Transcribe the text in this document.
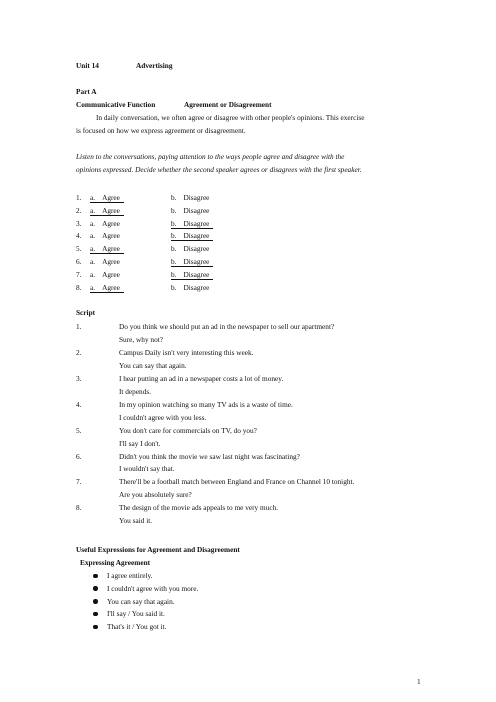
Unit 14	Advertising
Part A
Communicative Function	Agreement or Disagreement
In daily conversation, we often agree or disagree with other people's opinions. This exercise
is focused on how we express agreement or disagreement.
Listen to the conversations, paying attention to the ways people agree and disagree with the
opinions expressed. Decide whether the second speaker agrees or disagrees with the first speaker.
1. a. Agree	b. Disagree
2. a. Agree	b. Disagree
3. a. Agree	b. Disagree
4. a. Agree	b. Disagree
5. a. Agree	b. Disagree
6. a. Agree	b. Disagree
7. a. Agree	b. Disagree
8. a. Agree	b. Disagree
Script
1.	Do you think we should put an ad in the newspaper to sell our apartment?
Sure, why not?
2.	Campus Daily isn't very interesting this week.
You can say that again.
3.	I hear putting an ad in a newspaper costs a lot of money.
It depends.
4.	In my opinion watching so many TV ads is a waste of time.
I couldn't agree with you less.
5.	You don't care for commercials on TV, do you?
I'll say I don't.
6.	Didn't you think the movie we saw last night was fascinating?
I wouldn't say that.
7.	There'll be a football match between England and France on Channel 10 tonight.
Are you absolutely sure?
8.	The design of the movie ads appeals to me very much.
You said it.
Useful Expressions for Agreement and Disagreement
Expressing Agreement
I agree entirely.
I couldn't agree with you more.
You can say that again.
I'll say / You said it.
That's it / You got it.
1
